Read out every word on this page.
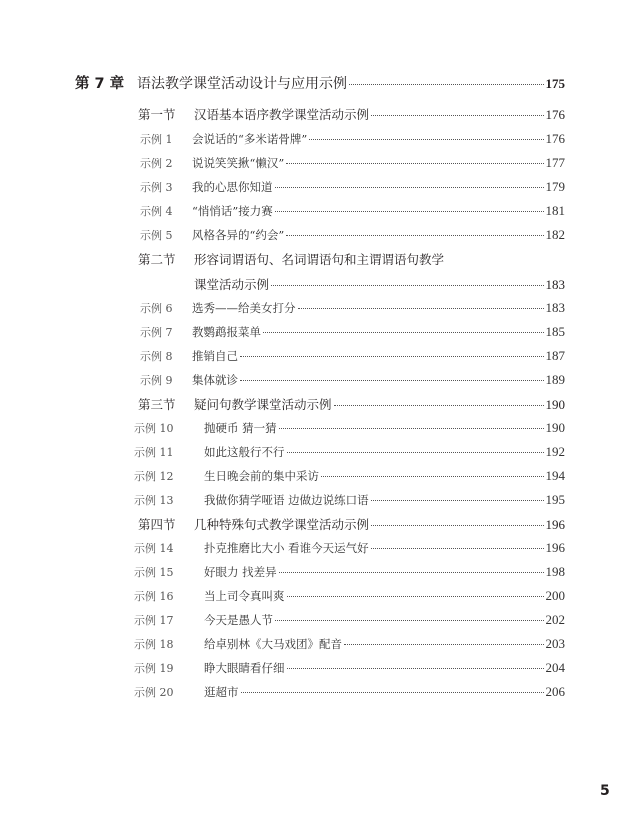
第 7 章 语法教学课堂活动设计与应用示例	175
第一节	汉语基本语序教学课堂活动示例	176
示例 1	会说话的“多米诺骨牌”	176
示例 2	说说笑笑揪“懒汉”	177
示例 3	我的心思你知道	179
示例 4	“悄悄话”接力赛	181
示例 5	风格各异的“约会”	182
第二节	形容词谓语句、名词谓语句和主谓谓语句教学
课堂活动示例	183
示例 6	选秀——给美女打分	183
示例 7	教鹦鹉报菜单	185
示例 8	推销自己	187
示例 9	集体就诊	189
第三节	疑问句教学课堂活动示例	190
示例 10	抛硬币 猜一猜	190
示例 11	如此这般行不行	192
示例 12	生日晚会前的集中采访	194
示例 13	我做你猜学哑语 边做边说练口语	195
第四节	几种特殊句式教学课堂活动示例	196
示例 14	扑克推磨比大小 看谁今天运气好	196
示例 15	好眼力 找差异	198
示例 16	当上司令真叫爽	200
示例 17	今天是愚人节	202
示例 18	给卓别林《大马戏团》配音	203
示例 19	睁大眼睛看仔细	204
示例 20	逛超市	206
5
